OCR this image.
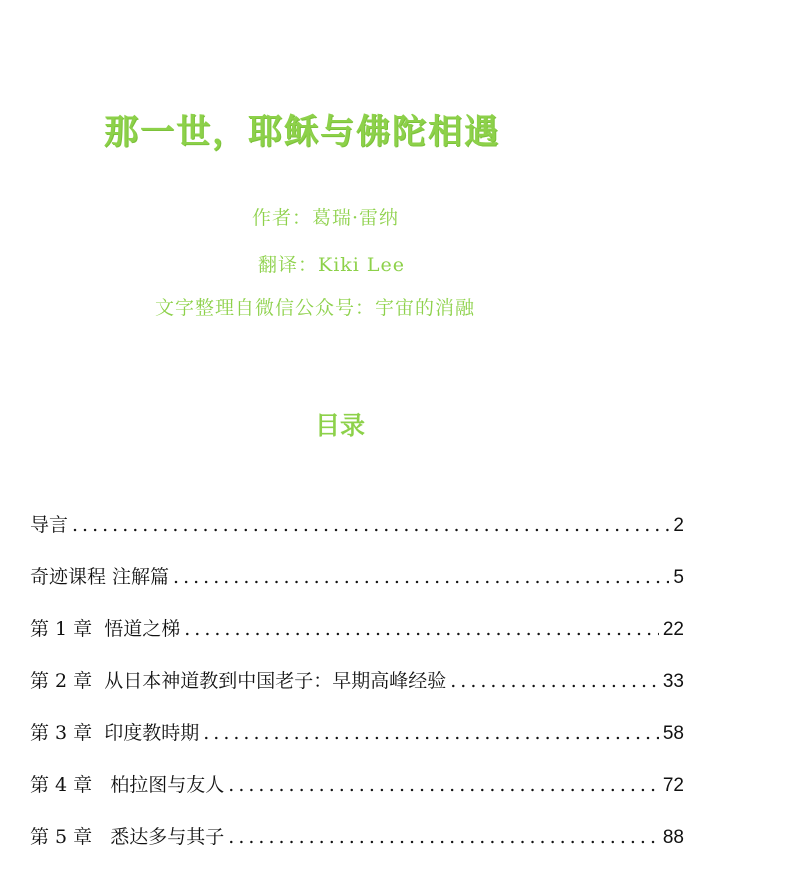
那一世，耶稣与佛陀相遇
作者：葛瑞·雷纳
翻译：Kiki Lee
文字整理自微信公众号：宇宙的消融
目录
导言 .....	2
奇迹课程 注解篇 .....	5
第 1 章  悟道之梯 .....	22
第 2 章  从日本神道教到中国老子：早期高峰经验 .....	33
第 3 章  印度教時期 .....	58
第 4 章   柏拉图与友人 .....	72
第 5 章   悉达多与其子 .....	88
